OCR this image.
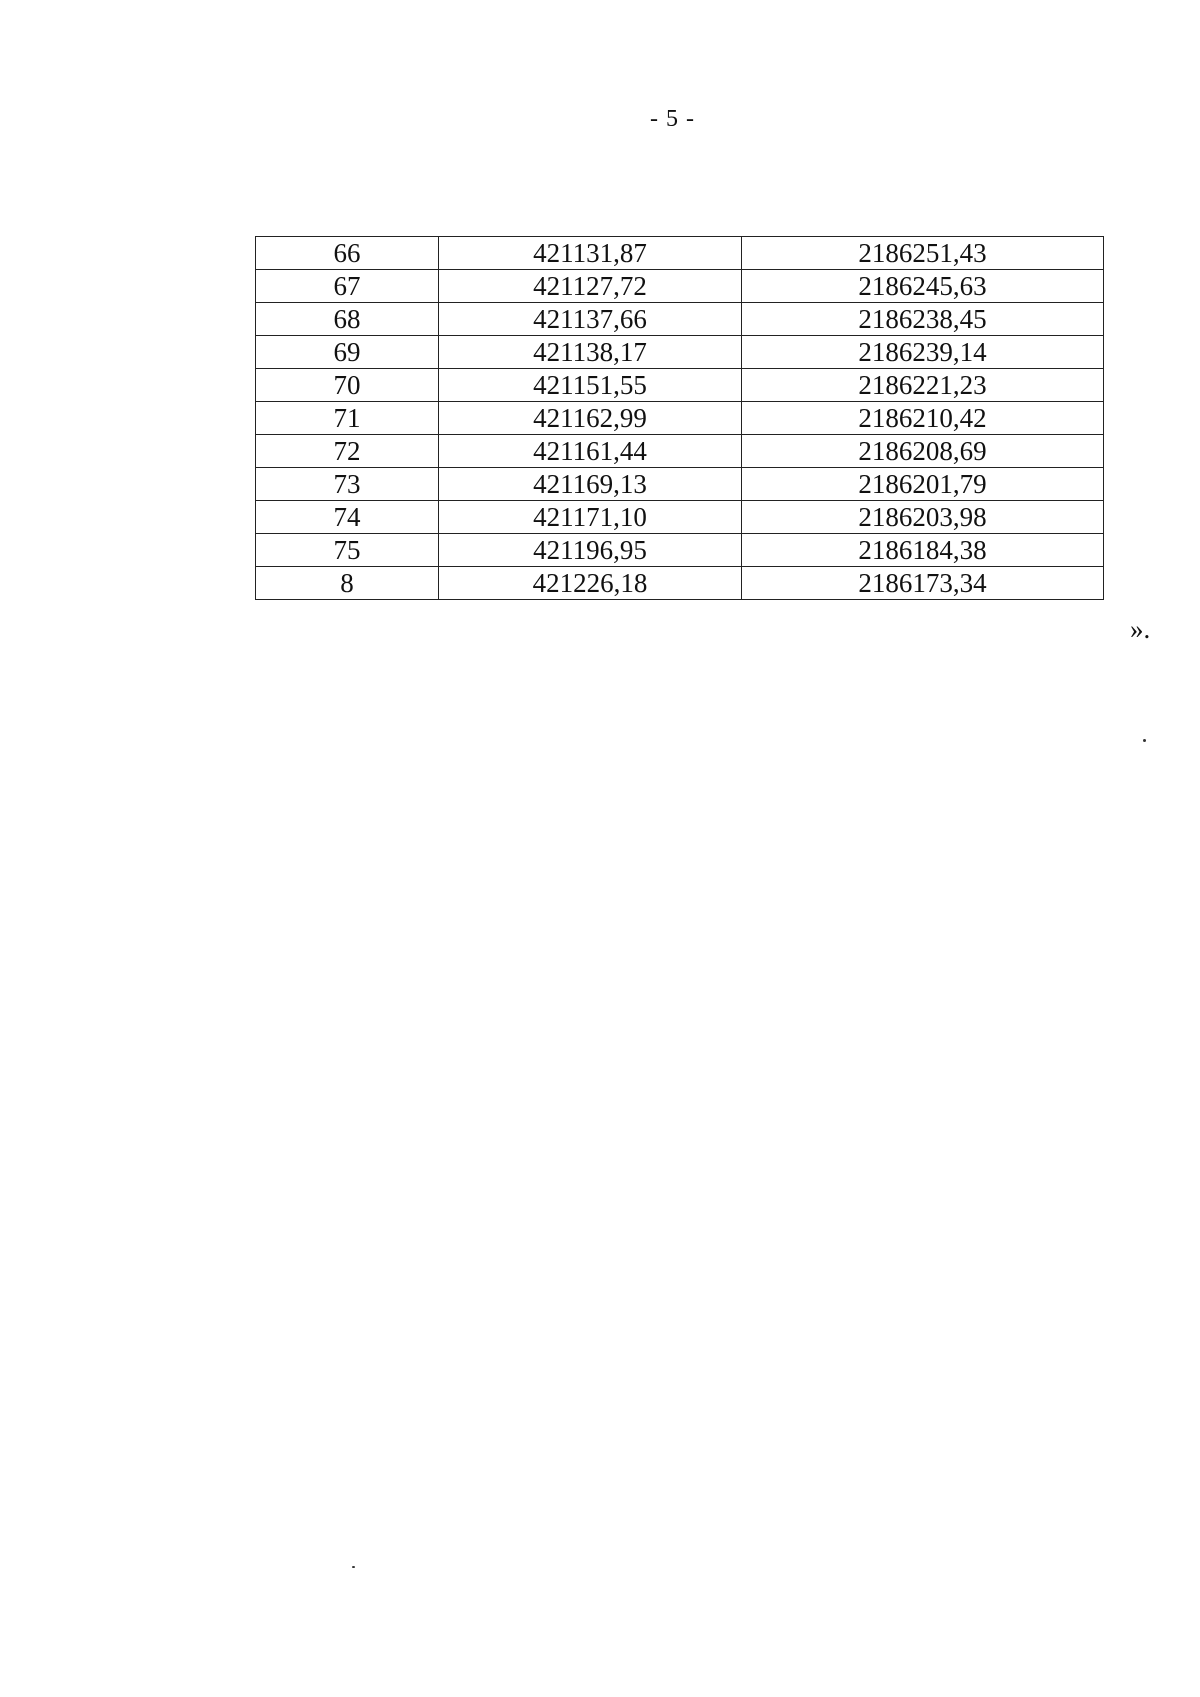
- 5 -
66	421131,87	2186251,43
67	421127,72	2186245,63
68	421137,66	2186238,45
69	421138,17	2186239,14
70	421151,55	2186221,23
71	421162,99	2186210,42
72	421161,44	2186208,69
73	421169,13	2186201,79
74	421171,10	2186203,98
75	421196,95	2186184,38
8	421226,18	2186173,34
».
